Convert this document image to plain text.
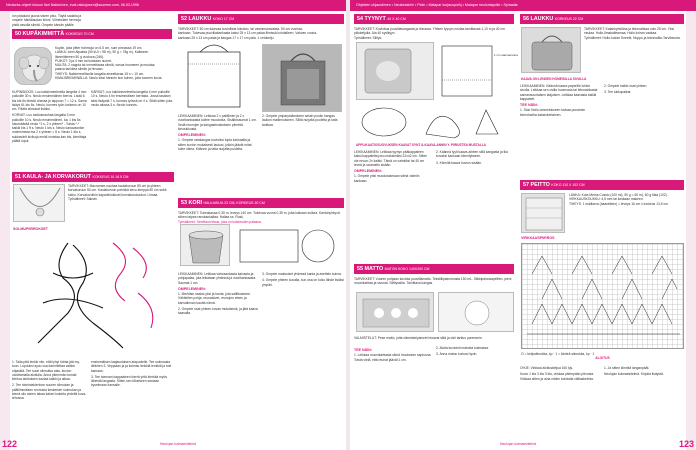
Neulonta-ohjeet lukuun Ilari Nakkeinen, eval.rakkojusen@suomen.com, 06.03.1996	Ohjeiden ohjaustimen • Neulontalehi • Pelin • Malapar korjauspoihj • Malapar neulontapolle • Spiraalia

Ion pidakoid puoss sisren piko, Täytä sadalla ja

ompele häntälaudan kiinni. Viimeistele hermoja
pistä vasulla silmät. Ompele kärsän päälle.
50 KUPÄKIMMITTÄ KOKKEUS 70 CM
Kuplin, joka pitter hahmoja on 6,5 cm, sum pinnassa 19 cm.
LANKA: Ioimi Alpakka (50 kUl = 98 m), 50 g = 78g m), Kalkkeen
lämmittimeen 50 g vuokora (246).
PUIKOT: 3 ja 4 mm tai koskaan nuoret.
MUUTA: 2 nappia tai ommeltavaa silmiä, vanua huomeen ja muutaa
palava tankkea silmiin ja hirvaan.
TIHEYS: Nakkeinnellisella langalla aineeltavaa 15 s = 10 cm.
KIMAJÄRKIMIWÄLLÄ: Neulo siksi hännen kun kohen, joka tuomen kuvia.

KUPINSIIDOS: Luo kakkinneelmella langella 4 mm puikoille 30 s. Neulo ensimmäinen kerros. Lisää 6 kts kts 6s tiivistä ohessa je lappuun 7 = 12 s. Sama lisäys 6L kts 6s. Neulo, kunnes työn korkeus on 10 cm. Päätä silmukat lisäksi.

KORVAT: Luo aloitusnauhaa langalla 3 mm puikoille 10 s. Neulo ensimmäinen, luo 1 kts 6s lukumäärää neulo *1 s, 2 s yhteen* - Toista *-* kaikki kts 1 ft s. Neulo 1 kts s. Neulo kanavaonkin molemmista ma 2 s yhteen = 8 s. Neulo 1 kts s, sukkavärit kivikoja emäli omistaa kan kts, kirmittaja päätä loput.

KÄRSÄT: Luo kakkinneelmella langella 4 mm puikoille 10 s. Neulo 4 tin ensimmäisen kerrasta. Jossa tasaisin siksi lisäystä 7 s, kunnes työssä on 4 s. Sitäti sitten joka neulo alussa 3 s. Neulo kunnes.

51 KAULA- JA KORVAKORUT KOKKEUS 16 JA 5 CM
TARVIKKEET: Macramee-nauhaa kaulakoruun 85 cm ja yhteen korvakoruun 50 cm. Kaulakoruun pahnikä kevo-lemppa 80 cm sekä lukko. Korvakoruihin kaparlinlukkuet korvakorukoukut. Liimaa.
Työvälineet: Sakset.
SOLMUPIIRROKSET

1. Taita pitä lenkki niin, että lyhyt hänta jää my-tuun. Lopuuksi ayuu vua karmiteltaa valtion ohjaskiä. Tee suuri silmukka alas, kuvion osoittamalla aloitulla. Anna pitemmän tomati kiertoa aloituksen kaulaa kaikki ja aikaa.

2. Tee toimintakiertoon suuren silmukan ja päällimmäisen reunusta keskeisen solmukan ja kierrä siis toinen takaa kaken kokeita yhdellä kuva-tehossa.

ensimmäisen laajasutuisen alapuolelle. Tee solmuasia lähinten 3. Veppiaan ja ja kolmas lenkkiä lenkkiä ja tule kamaan.

3. Tee toimnan kappaaleen kierrä yhtä kierkkä myös lähestä langasta. Sitten sen läheiseen samaan kyselmaan kansalle.

52 LAUKKU KOKO 17 CM
TARVIKKEET: 50 cm tukevaa kuviollista lukuisto- tai vasinmukavaista. 50 cm vuoriaa-
kankaan. Tukevaa puuvillakankaata kaksi 25 x 13 cm palaa filmissä kohdalleen. Vahvan vuoria-
kankaan 25 x 13 cm palaa ja kangas 17 x 17 cm pala. 1 vetoketju.

LEIKKAAMINEN: Leikkaa 2 x pallillinen ja 2 x vuorikankaasta kolme muodosta. Sisältösaumat 1 cm. Vedä reunojen ja kangasteoistuksen piirrettä kinoslukusta.

OMPELEMINEN:

1. Ompele ratakangas kuvioiksi tupla kankaalla ja sitten kuvion mukaisesti laukun, jolloin jäävät mitat tulee oikea. Käänne ja taita nurjalta puolelta.

2. Ompele ymparystämiseen selain puolin kangas laukun mallinnukseen. Silitä nurjalta puolelta ja taita tarkkaa.

53 KORI HALKAISIJA 23 CM, KORKEUS 20 CM
TARVIKKEET: Tukeakasaa 0,35 m, leveys 140 cm. Tukevaa vuoria 0,35 m, joita lukkaan kulkea. Kantohyhkyvä siihen taipea ranskankaltaa. Hallaa ns. Rusk.
Työvälineet: Tarvittava tilaus, joka on kokkeuden palassa.

LEIKKAAMINEN: Leikkaa vahvaankasta kalvasta ja pohjapalaa, jota leikataan yhdessä ja vuorikankaasta. Saumat 1 cm.

OMPELEMINEN:

1. Merkitse osaksi yksi ja kanta, jota sallittuamme. Vähitellen pohja, reunasiivet, reunojen eteen ja kanvalinnan kautta nämä.

2. Ompele osat yhteen kuvan mukaisesti, ja jätä kaava kaavalla.

3. Ompele maksuiset yhdessä kanta ja asettele kulma.

4. Ompele yhteen kuvalla, kun osa on koko lähde lisäksi ympäri.

54 TYYNYT 40 X 40 CM
TARVIKKEET: Kuvioitua puuvillakangasta ja linnaraa. Yhteen tyynyn neulaa tarvittavaa 1,10 m ja 40 cm piiloketjulla. Ala 40 syslityyn.
Työvälineet: Silitys.
1 cm saumanvara
APPLIKAATIOSUOVUKSEN KAAVAT SYNT A-KAAVA-ANNIN Y. PIIRUSTEA MUSTALLA

LEIKKAAMINEN: Leikkaa tyynyn pääkappaleen kaksi kappaletta joko maksimiksi 22x42 cm. Sitten ole neuvo 2x kaikki. Tämä on valmiiksi tai 40 cm leveä ja saumattu sisään.

OMPELEMINEN:

1. Ompele pitsi muodostamaan silmä valmiin kankaan.

2. Käännä lyyti kaava-aiheen sillä kangasta ja tila kuvaksi kankaan kiinnitykseen.

3. Kiinnitä kaava kuvion sisään.

55 MATTO MATON KOKO 140X200 CM
TARVIKKEET: Vuoren pohjaan kuviota puuvillamatto. Tekstiilipainomusta 150 mL. Silkkipainosapellien, pieni muovikarttaa ja sivusta. Siltityssilta. Tarvittava kangas.
VALMISTELUT: Pese matto, jotta viimeistelyaineet irtoavat siitä ja väri tarttuu paremmin.
TEE NÄIN:

1. Leikkaa muovikarttasta silmä muotoisen sapluuna. Toista vielä, että reunat jäävät 1 cm.

2. Aloita kuviointi matosta kulmassa.

3. Anna maton kuivua hyvin.

56 LAUKKU KORKEUS 22 CM
TARVIKKEET: Kalanhyheläna ja tekonahkaa noin 25 cm. Yksi neulaa. Hollo-ilmakalleamaa. Hollo koiran vaakaa.
Työvälineet: Hollo-koiran Sneebi, Nuppu ja tekninallia-Tarvikeosta.
KAAVA ON LENDEN HOMEISILLA SIVULLA

LEIKKAAMINEN: Käännä kaava paperille lohkin sivulla. Leikkaa sen osilla huomosta tai tekonahkasta samansuuntaisen laajuisen. Leikkaa kaavasta kaikki kappaleet.

TEE NÄIN:

1. Sido Nollo-ommelukseen kaivaa punainen kierroksella kaksinkertainen.

2. Ompele kaikki osat yhteen.

3. Tee lukkopaikat.

57 PEITTO KOKO 110 X 102 CM
LANKA: Kuta Mema Cossio (100 ml), 50 g = 60 m), 60 g tilaa (102).
VIRKKAUSKOUKKU: 4,5 mm tai koskaan makeen.
TIHEYS: 1 maillarva (haaralleen) = leveys 16 cm x korkeus 13,5 cm
VIRKKAUSPIIRROS
O = ketjusilmukka, kp · 1 = kiinteä silmukka, kp · 1
ALOITUS

OHJE: Virkkaa aloitusketjua 160 kjs.

Kuvio 1 kts 3 kts 3 kts, virkkaa pitempään piirrosta. Virkkaa sitten ja aina niiden kohdalla välilaskelmia.

1. Ja sitten kiinnitä langanpäät.

Neulojan kulmaesitelmä. Kirjoita lisäystä.

Neulojan kulmaesitelmä	Neulojan kulmaesitelmä
122	123
